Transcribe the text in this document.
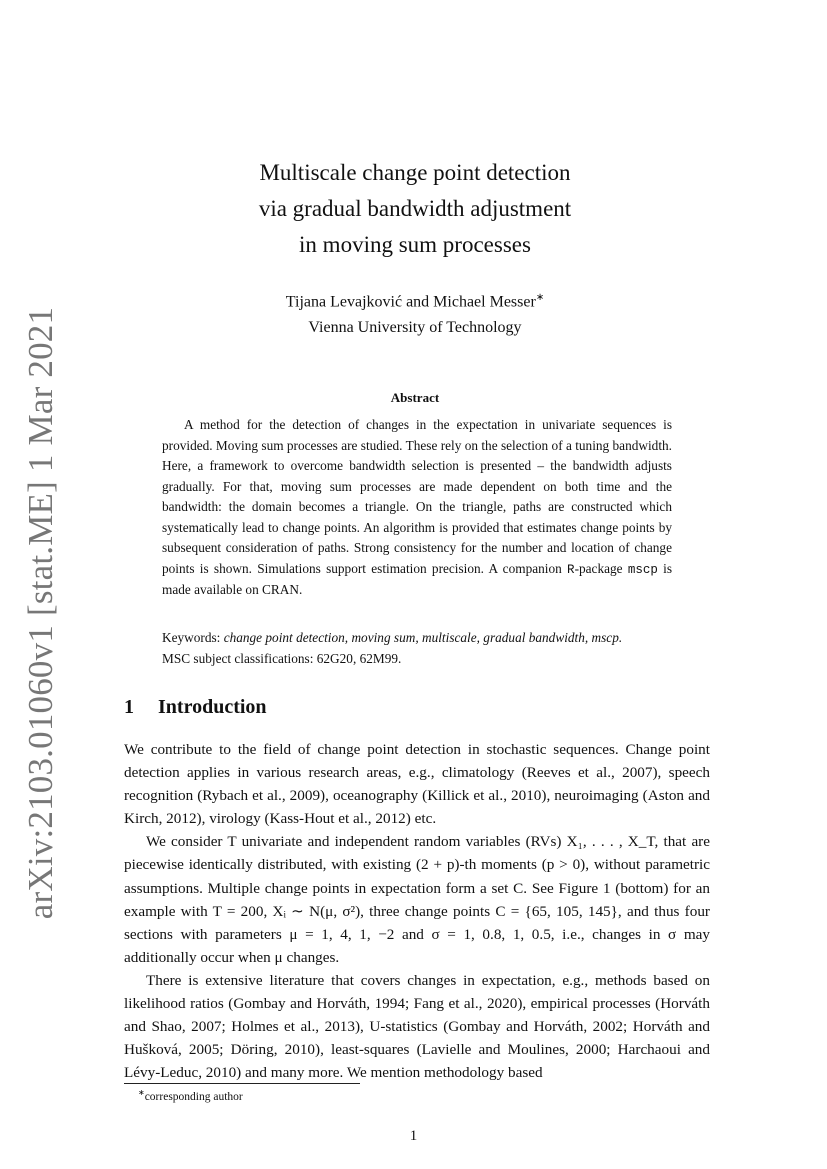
arXiv:2103.01060v1 [stat.ME] 1 Mar 2021
Multiscale change point detection
via gradual bandwidth adjustment
in moving sum processes
Tijana Levajković and Michael Messer∗
Vienna University of Technology
Abstract

A method for the detection of changes in the expectation in univariate sequences is provided. Moving sum processes are studied. These rely on the selection of a tuning bandwidth. Here, a framework to overcome bandwidth selection is presented – the bandwidth adjusts gradually. For that, moving sum processes are made dependent on both time and the bandwidth: the domain becomes a triangle. On the triangle, paths are constructed which systematically lead to change points. An algorithm is provided that estimates change points by subsequent consideration of paths. Strong consistency for the number and location of change points is shown. Simulations support estimation precision. A companion R-package mscp is made available on CRAN.

Keywords: change point detection, moving sum, multiscale, gradual bandwidth, mscp.
MSC subject classifications: 62G20, 62M99.
1 Introduction

We contribute to the field of change point detection in stochastic sequences. Change point detection applies in various research areas, e.g., climatology (Reeves et al., 2007), speech recognition (Rybach et al., 2009), oceanography (Killick et al., 2010), neuroimaging (Aston and Kirch, 2012), virology (Kass-Hout et al., 2012) etc.

We consider T univariate and independent random variables (RVs) X₁, . . . , X_T, that are piecewise identically distributed, with existing (2 + p)-th moments (p > 0), without parametric assumptions. Multiple change points in expectation form a set C. See Figure 1 (bottom) for an example with T = 200, Xᵢ ∼ N(μ, σ²), three change points C = {65, 105, 145}, and thus four sections with parameters μ = 1, 4, 1, −2 and σ = 1, 0.8, 1, 0.5, i.e., changes in σ may additionally occur when μ changes.

There is extensive literature that covers changes in expectation, e.g., methods based on likelihood ratios (Gombay and Horváth, 1994; Fang et al., 2020), empirical processes (Horváth and Shao, 2007; Holmes et al., 2013), U-statistics (Gombay and Horváth, 2002; Horváth and Hušková, 2005; Döring, 2010), least-squares (Lavielle and Moulines, 2000; Harchaoui and Lévy-Leduc, 2010) and many more. We mention methodology based

∗corresponding author
1
